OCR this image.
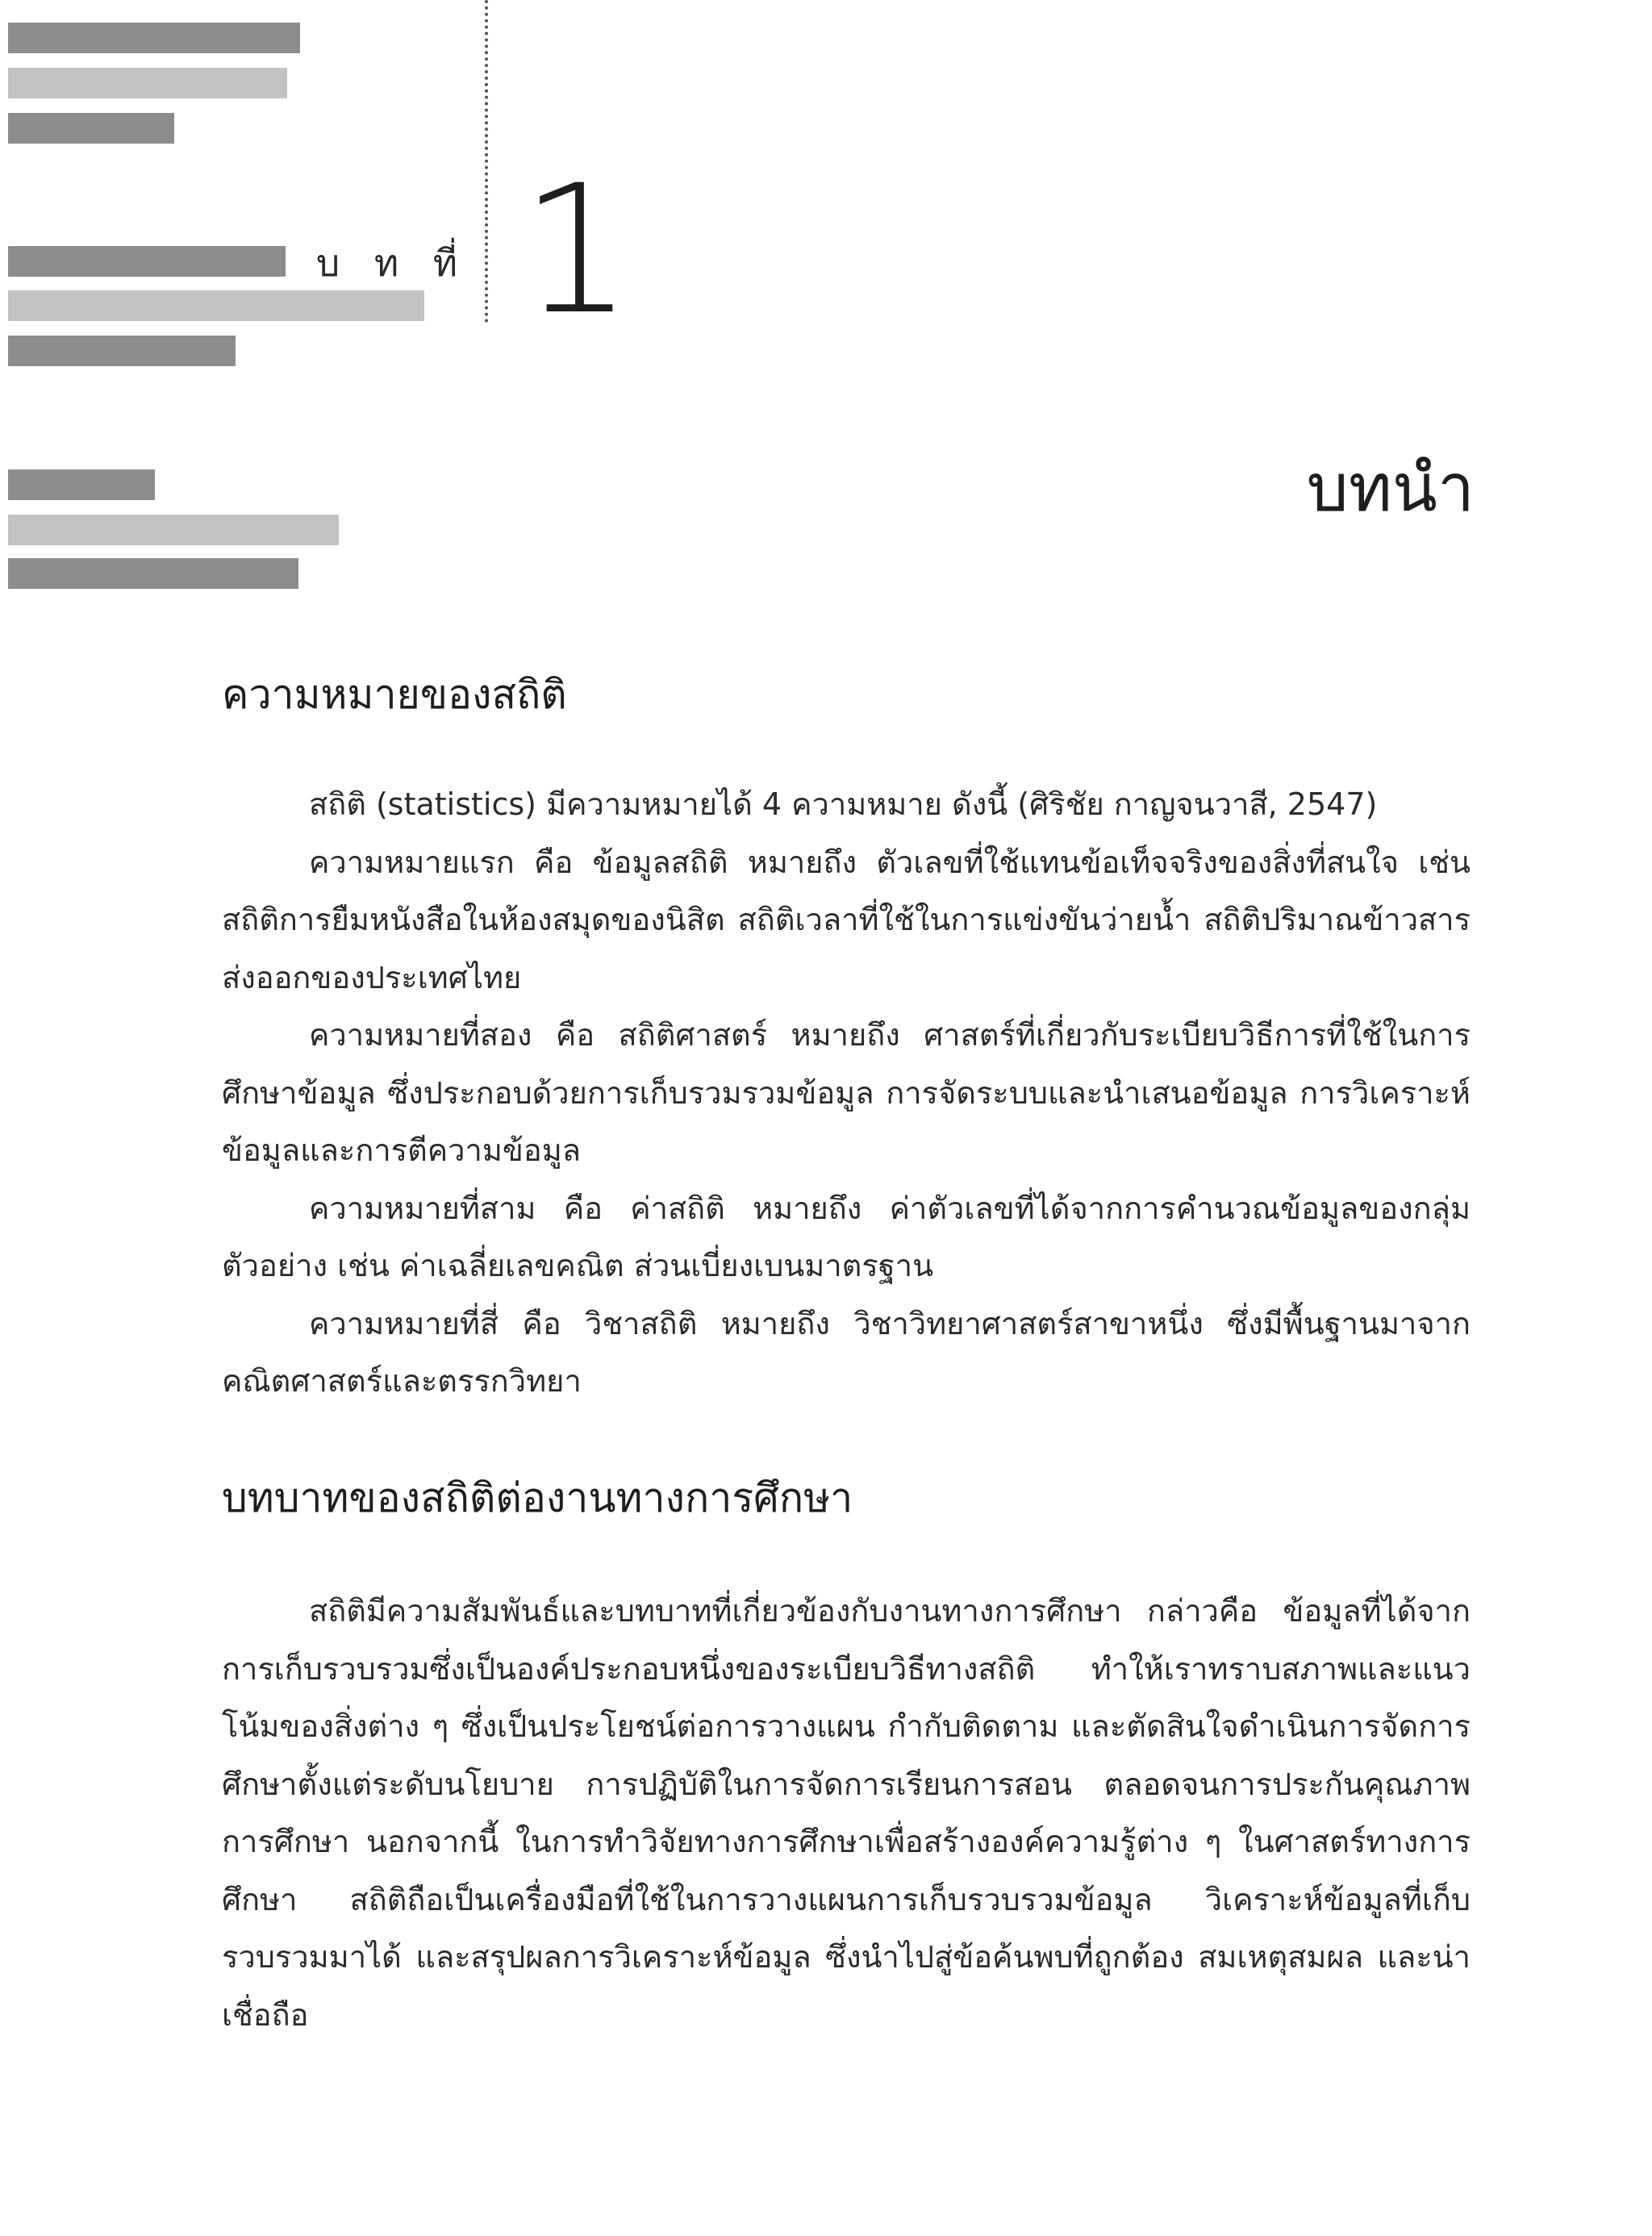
บ ท ที่ 1
บทนำ
ความหมายของสถิติ

สถิติ (statistics) มีความหมายได้ 4 ความหมาย ดังนี้ (ศิริชัย กาญจนวาสี, 2547)

ความหมายแรก คือ ข้อมูลสถิติ หมายถึง ตัวเลขที่ใช้แทนข้อเท็จจริงของสิ่งที่สนใจ เช่น สถิติการยืมหนังสือในห้องสมุดของนิสิต สถิติเวลาที่ใช้ในการแข่งขันว่ายน้ำ สถิติปริมาณข้าวสารส่งออกของประเทศไทย

ความหมายที่สอง คือ สถิติศาสตร์ หมายถึง ศาสตร์ที่เกี่ยวกับระเบียบวิธีการที่ใช้ในการศึกษาข้อมูล ซึ่งประกอบด้วยการเก็บรวมรวมข้อมูล การจัดระบบและนำเสนอข้อมูล การวิเคราะห์ข้อมูลและการตีความข้อมูล

ความหมายที่สาม คือ ค่าสถิติ หมายถึง ค่าตัวเลขที่ได้จากการคำนวณข้อมูลของกลุ่มตัวอย่าง เช่น ค่าเฉลี่ยเลขคณิต ส่วนเบี่ยงเบนมาตรฐาน

ความหมายที่สี่ คือ วิชาสถิติ หมายถึง วิชาวิทยาศาสตร์สาขาหนึ่ง ซึ่งมีพื้นฐานมาจากคณิตศาสตร์และตรรกวิทยา

บทบาทของสถิติต่องานทางการศึกษา

สถิติมีความสัมพันธ์และบทบาทที่เกี่ยวข้องกับงานทางการศึกษา กล่าวคือ ข้อมูลที่ได้จากการเก็บรวบรวมซึ่งเป็นองค์ประกอบหนึ่งของระเบียบวิธีทางสถิติ ทำให้เราทราบสภาพและแนวโน้มของสิ่งต่าง ๆ ซึ่งเป็นประโยชน์ต่อการวางแผน กำกับติดตาม และตัดสินใจดำเนินการจัดการศึกษาตั้งแต่ระดับนโยบาย การปฏิบัติในการจัดการเรียนการสอน ตลอดจนการประกันคุณภาพการศึกษา นอกจากนี้ ในการทำวิจัยทางการศึกษาเพื่อสร้างองค์ความรู้ต่าง ๆ ในศาสตร์ทางการศึกษา สถิติถือเป็นเครื่องมือที่ใช้ในการวางแผนการเก็บรวบรวมข้อมูล วิเคราะห์ข้อมูลที่เก็บรวบรวมมาได้ และสรุปผลการวิเคราะห์ข้อมูล ซึ่งนำไปสู่ข้อค้นพบที่ถูกต้อง สมเหตุสมผล และน่าเชื่อถือ
